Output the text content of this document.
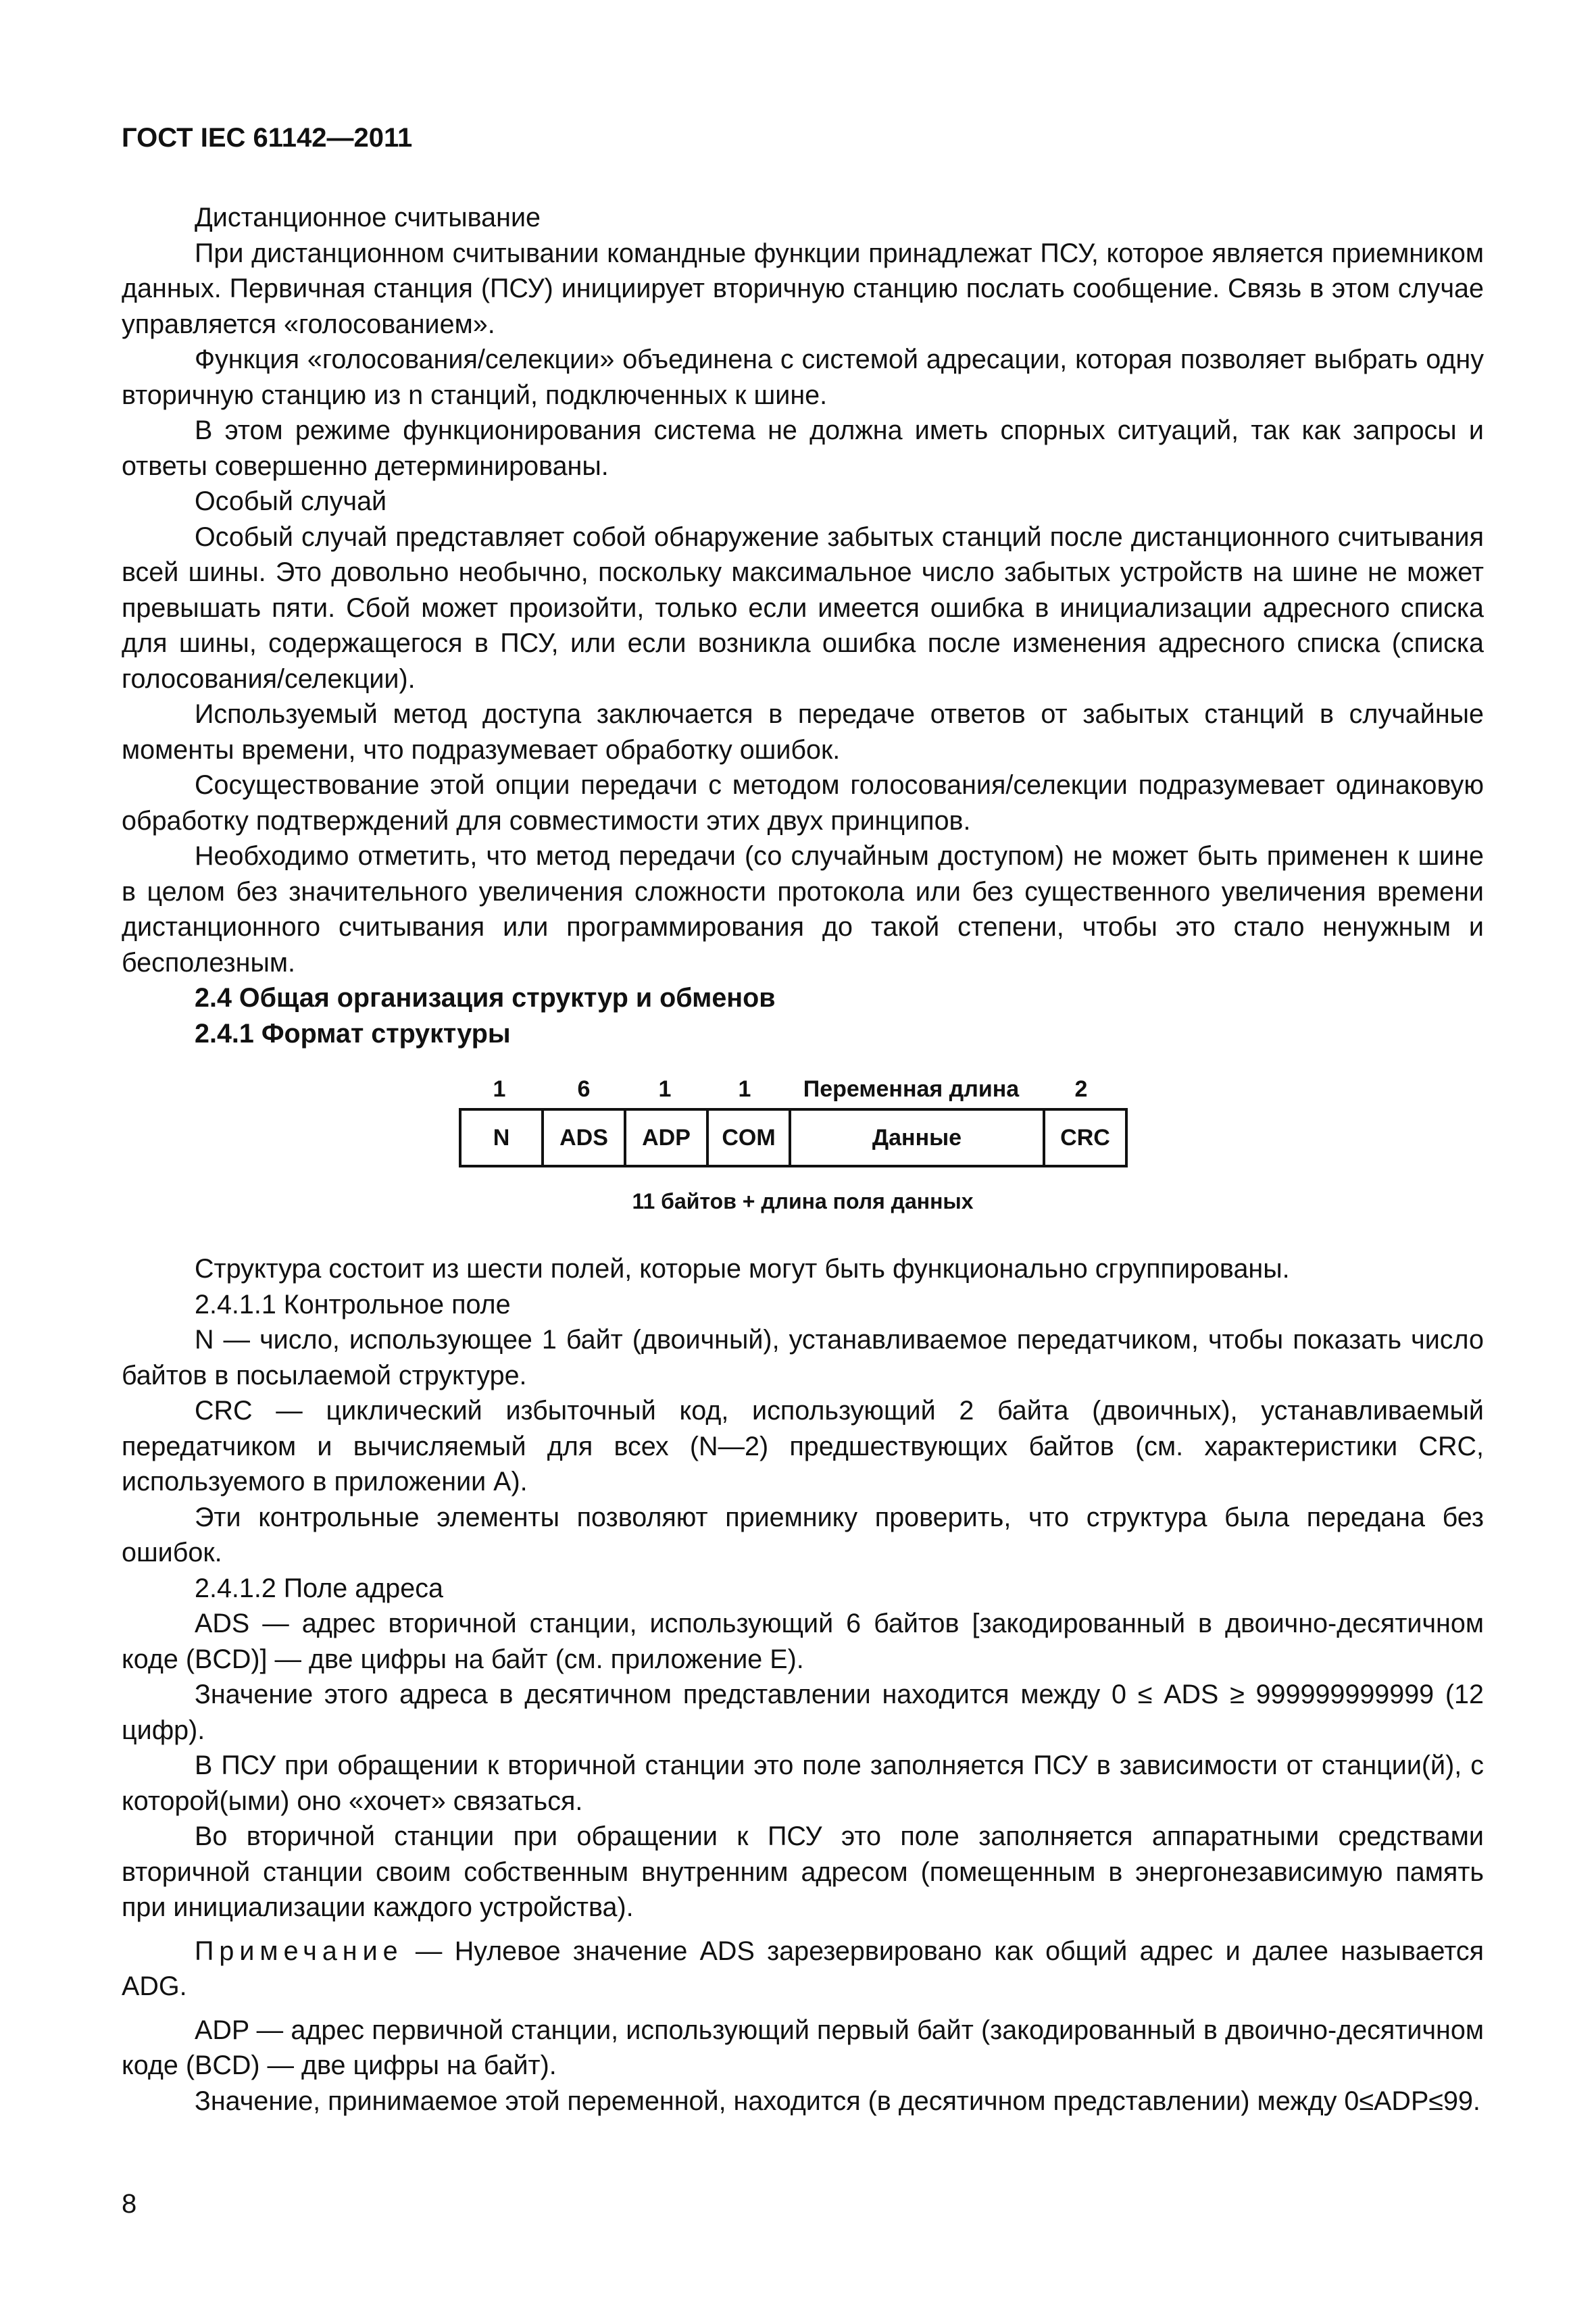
ГОСТ IEC 61142—2011

Дистанционное считывание

При дистанционном считывании командные функции принадлежат ПСУ, которое является приемником данных. Первичная станция (ПСУ) инициирует вторичную станцию послать сообщение. Связь в этом случае управляется «голосованием».

Функция «голосования/селекции» объединена с системой адресации, которая позволяет выбрать одну вторичную станцию из n станций, подключенных к шине.

В этом режиме функционирования система не должна иметь спорных ситуаций, так как запросы и ответы совершенно детерминированы.

Особый случай

Особый случай представляет собой обнаружение забытых станций после дистанционного считывания всей шины. Это довольно необычно, поскольку максимальное число забытых устройств на шине не может превышать пяти. Сбой может произойти, только если имеется ошибка в инициализации адресного списка для шины, содержащегося в ПСУ, или если возникла ошибка после изменения адресного списка (списка голосования/селекции).

Используемый метод доступа заключается в передаче ответов от забытых станций в случайные моменты времени, что подразумевает обработку ошибок.

Сосуществование этой опции передачи с методом голосования/селекции подразумевает одинаковую обработку подтверждений для совместимости этих двух принципов.

Необходимо отметить, что метод передачи (со случайным доступом) не может быть применен к шине в целом без значительного увеличения сложности протокола или без существенного увеличения времени дистанционного считывания или программирования до такой степени, чтобы это стало ненужным и бесполезным.

2.4 Общая организация структур и обменов

2.4.1 Формат структуры

1	6	1	1	Переменная длина	2
N	ADS	ADP	COM	Данные	CRC
11 байтов + длина поля данных

Структура состоит из шести полей, которые могут быть функционально сгруппированы.

2.4.1.1 Контрольное поле

N — число, использующее 1 байт (двоичный), устанавливаемое передатчиком, чтобы показать число байтов в посылаемой структуре.

CRC — циклический избыточный код, использующий 2 байта (двоичных), устанавливаемый передатчиком и вычисляемый для всех (N—2) предшествующих байтов (см. характеристики CRC, используемого в приложении А).

Эти контрольные элементы позволяют приемнику проверить, что структура была передана без ошибок.

2.4.1.2 Поле адреса

ADS — адрес вторичной станции, использующий 6 байтов [закодированный в двоично-десятичном коде (BCD)] — две цифры на байт (см. приложение Е).

Значение этого адреса в десятичном представлении находится между 0 ≤ ADS ≥ 999999999999 (12 цифр).

В ПСУ при обращении к вторичной станции это поле заполняется ПСУ в зависимости от станции(й), с которой(ыми) оно «хочет» связаться.

Во вторичной станции при обращении к ПСУ это поле заполняется аппаратными средствами вторичной станции своим собственным внутренним адресом (помещенным в энергонезависимую память при инициализации каждого устройства).

Примечание — Нулевое значение ADS зарезервировано как общий адрес и далее называется ADG.

ADP — адрес первичной станции, использующий первый байт (закодированный в двоично-десятичном коде (BCD) — две цифры на байт).

Значение, принимаемое этой переменной, находится (в десятичном представлении) между 0≤ADP≤99.

8
